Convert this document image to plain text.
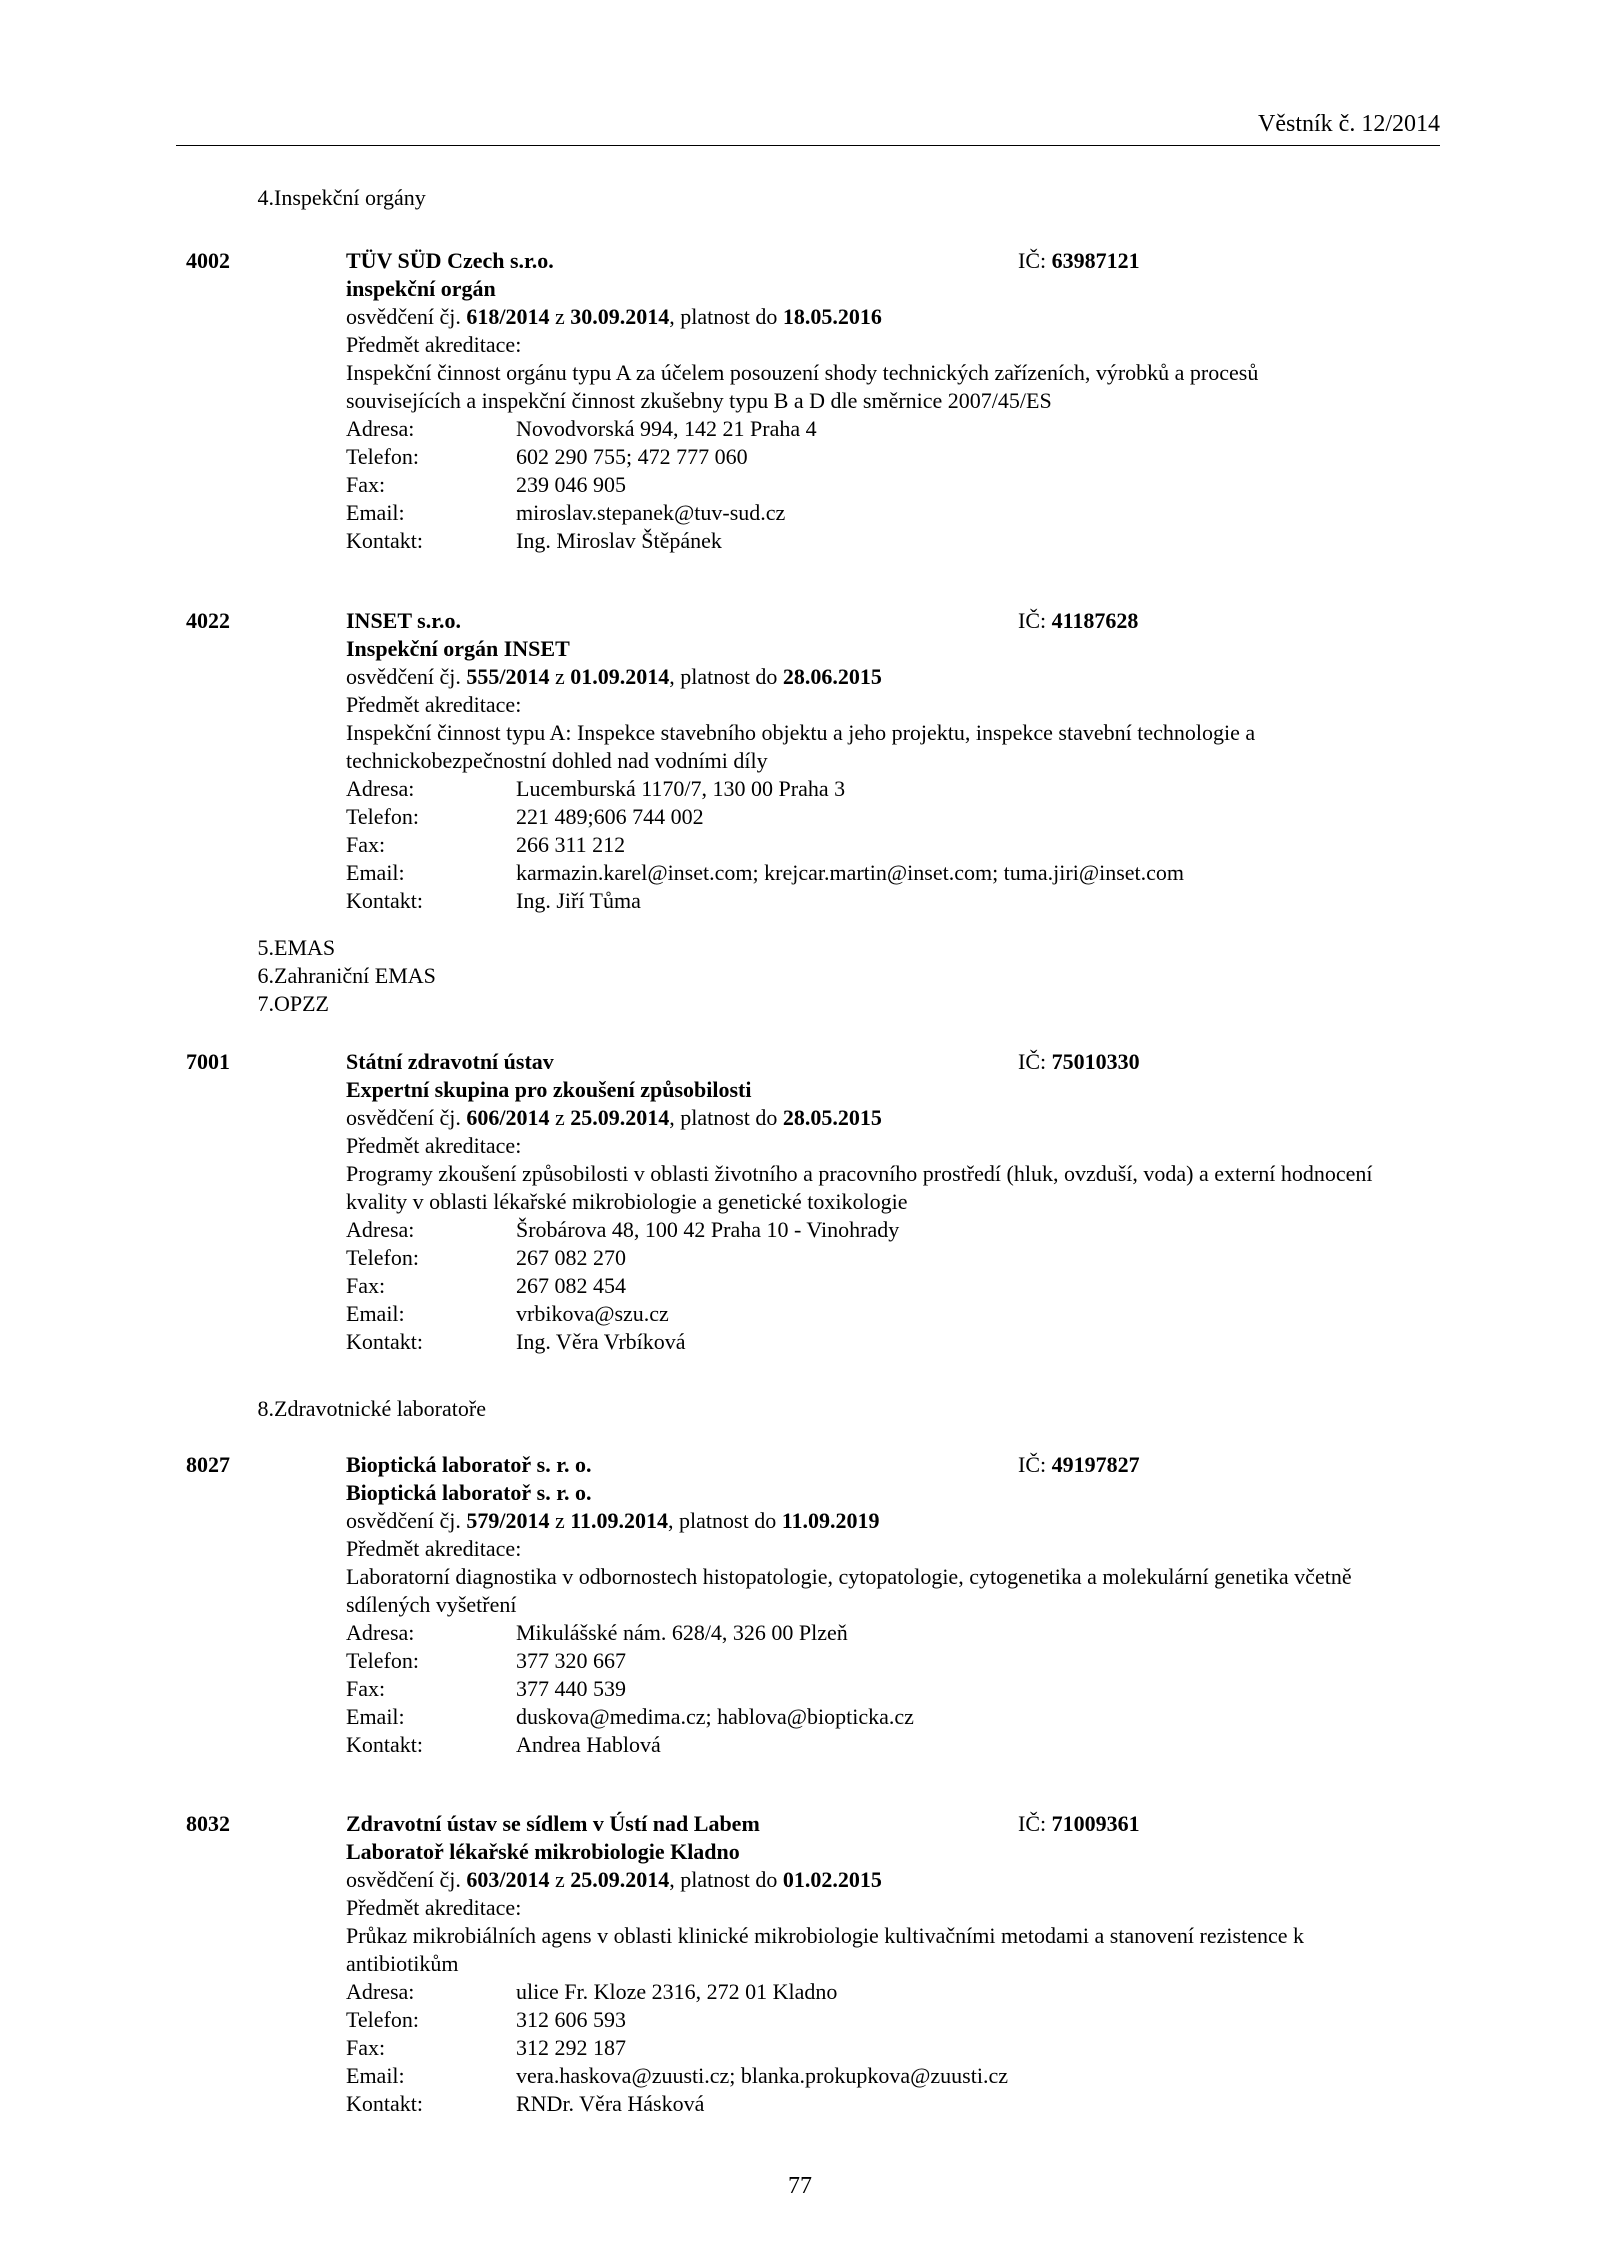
Věstník č. 12/2014
4. Inspekční orgány
4002	TÜV SÜD Czech s.r.o.	IČ: 63987121
inspekční orgán
osvědčení čj. 618/2014 z 30.09.2014, platnost do 18.05.2016
Předmět akreditace:
Inspekční činnost orgánu typu A za účelem posouzení shody technických zařízeních, výrobků a procesů souvisejících a inspekční činnost zkušebny typu B a D dle směrnice 2007/45/ES
Adresa:	Novodvorská 994, 142 21 Praha 4
Telefon:	602 290 755; 472 777 060
Fax:	239 046 905
Email:	miroslav.stepanek@tuv-sud.cz
Kontakt:	Ing. Miroslav Štěpánek
4022	INSET s.r.o.	IČ: 41187628
Inspekční orgán INSET
osvědčení čj. 555/2014 z 01.09.2014, platnost do 28.06.2015
Předmět akreditace:
Inspekční činnost typu A: Inspekce stavebního objektu a jeho projektu, inspekce stavební technologie a technickobezpečnostní dohled nad vodními díly
Adresa:	Lucemburská 1170/7, 130 00 Praha 3
Telefon:	221 489;606 744 002
Fax:	266 311 212
Email:	karmazin.karel@inset.com; krejcar.martin@inset.com; tuma.jiri@inset.com
Kontakt:	Ing. Jiří Tůma
5. EMAS
6. Zahraniční EMAS
7. OPZZ
7001	Státní zdravotní ústav	IČ: 75010330
Expertní skupina pro zkoušení způsobilosti
osvědčení čj. 606/2014 z 25.09.2014, platnost do 28.05.2015
Předmět akreditace:
Programy zkoušení způsobilosti v oblasti životního a pracovního prostředí (hluk, ovzduší, voda) a externí hodnocení kvality v oblasti lékařské mikrobiologie a genetické toxikologie
Adresa:	Šrobárova 48, 100 42 Praha 10 - Vinohrady
Telefon:	267 082 270
Fax:	267 082 454
Email:	vrbikova@szu.cz
Kontakt:	Ing. Věra Vrbíková
8. Zdravotnické laboratoře
8027	Bioptická laboratoř s. r. o.	IČ: 49197827
Bioptická laboratoř s. r. o.
osvědčení čj. 579/2014 z 11.09.2014, platnost do 11.09.2019
Předmět akreditace:
Laboratorní diagnostika v odbornostech histopatologie, cytopatologie, cytogenetika a molekulární genetika včetně sdílených vyšetření
Adresa:	Mikulášské nám. 628/4, 326 00 Plzeň
Telefon:	377 320 667
Fax:	377 440 539
Email:	duskova@medima.cz; hablova@biopticka.cz
Kontakt:	Andrea Hablová
8032	Zdravotní ústav se sídlem v Ústí nad Labem	IČ: 71009361
Laboratoř lékařské mikrobiologie Kladno
osvědčení čj. 603/2014 z 25.09.2014, platnost do 01.02.2015
Předmět akreditace:
Průkaz mikrobiálních agens v oblasti klinické mikrobiologie kultivačními metodami a stanovení rezistence k antibiotikům
Adresa:	ulice Fr. Kloze 2316, 272 01 Kladno
Telefon:	312 606 593
Fax:	312 292 187
Email:	vera.haskova@zuusti.cz; blanka.prokupkova@zuusti.cz
Kontakt:	RNDr. Věra Hásková
77
